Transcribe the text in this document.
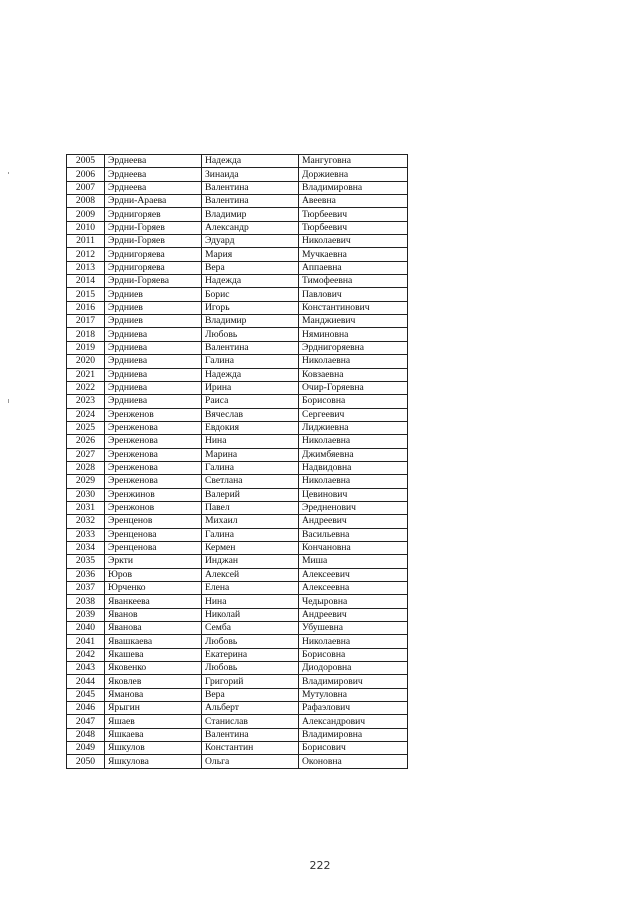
2005	Эрднеева	Надежда	Мангуговна
2006	Эрднеева	Зинаида	Доржиевна
2007	Эрднеева	Валентина	Владимировна
2008	Эрдни-Араева	Валентина	Авеевна
2009	Эрднигоряев	Владимир	Тюрбеевич
2010	Эрдни-Горяев	Александр	Тюрбеевич
2011	Эрдни-Горяев	Эдуард	Николаевич
2012	Эрднигоряева	Мария	Мучкаевна
2013	Эрднигоряева	Вера	Аппаевна
2014	Эрдни-Горяева	Надежда	Тимофеевна
2015	Эрдниев	Борис	Павлович
2016	Эрдниев	Игорь	Константинович
2017	Эрдниев	Владимир	Манджиевич
2018	Эрдниева	Любовь	Няминовна
2019	Эрдниева	Валентина	Эрднигоряевна
2020	Эрдниева	Галина	Николаевна
2021	Эрдниева	Надежда	Ковзаевна
2022	Эрдниева	Ирина	Очир-Горяевна
2023	Эрдниева	Раиса	Борисовна
2024	Эренженов	Вячеслав	Сергеевич
2025	Эренженова	Евдокия	Лиджиевна
2026	Эренженова	Нина	Николаевна
2027	Эренженова	Марина	Джимбяевна
2028	Эренженова	Галина	Надвидовна
2029	Эренженова	Светлана	Николаевна
2030	Эренжинов	Валерий	Цевинович
2031	Эренжонов	Павел	Эредненович
2032	Эренценов	Михаил	Андреевич
2033	Эренценова	Галина	Васильевна
2034	Эренценова	Кермен	Кончановна
2035	Эркти	Инджан	Миша
2036	Юров	Алексей	Алексеевич
2037	Юрченко	Елена	Алексеевна
2038	Яванкеева	Нина	Чедыровна
2039	Яванов	Николай	Андреевич
2040	Яванова	Семба	Убушевна
2041	Явашкаева	Любовь	Николаевна
2042	Якашева	Екатерина	Борисовна
2043	Яковенко	Любовь	Диодоровна
2044	Яковлев	Григорий	Владимирович
2045	Яманова	Вера	Мутуловна
2046	Ярыгин	Альберт	Рафаэлович
2047	Яшаев	Станислав	Александрович
2048	Яшкаева	Валентина	Владимировна
2049	Яшкулов	Константин	Борисович
2050	Яшкулова	Ольга	Оконовна
222
